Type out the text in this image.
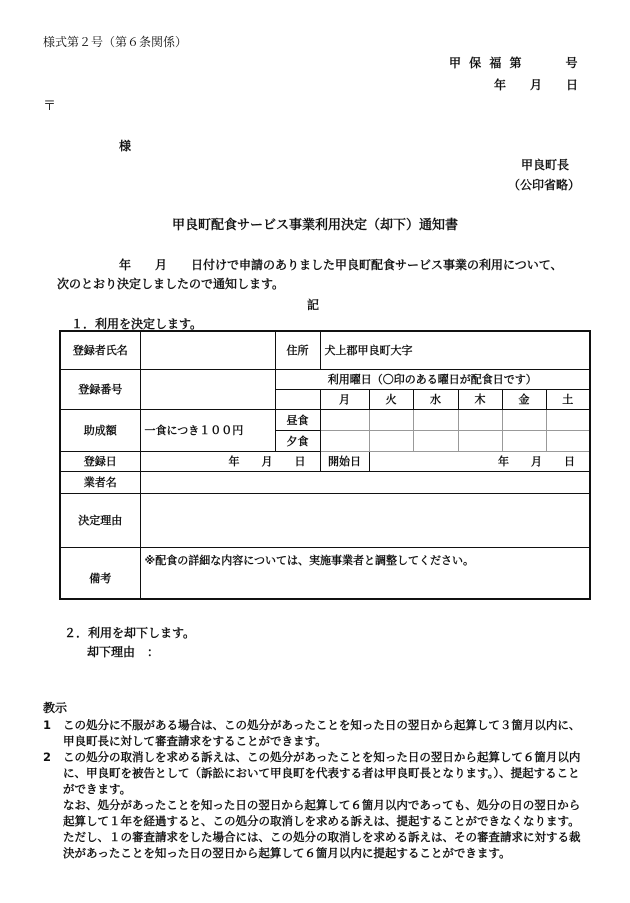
様式第２号（第６条関係）
甲 保 福 第　　　号
年　　月　　日
〒
様
甲良町長
（公印省略）
甲良町配食サービス事業利用決定（却下）通知書
年　　月　　日付けで申請のありました甲良町配食サービス事業の利用について、
次のとおり決定しましたので通知します。
記
１．利用を決定します。
登録者氏名		住所	犬上郡甲良町大字					
登録番号		利用曜日（〇印のある曜日が配食日です）						
			月	火	水	木	金	土
助成額	一食につき１００円	昼食						
		夕食						
登録日	年　　月　　日		開始日	年　　月　　日				
業者名								
決定理由								
備考	※配食の詳細な内容については、実施事業者と調整してください。							
２．利用を却下します。
却下理由　：
教示
1	この処分に不服がある場合は、この処分があったことを知った日の翌日から起算して３箇月以内に、甲良町長に対して審査請求をすることができます。
2	この処分の取消しを求める訴えは、この処分があったことを知った日の翌日から起算して６箇月以内に、甲良町を被告として（訴訟において甲良町を代表する者は甲良町長となります。）、提起することができます。
なお、処分があったことを知った日の翌日から起算して６箇月以内であっても、処分の日の翌日から起算して１年を経過すると、この処分の取消しを求める訴えは、提起することができなくなります。ただし、１の審査請求をした場合には、この処分の取消しを求める訴えは、その審査請求に対する裁決があったことを知った日の翌日から起算して６箇月以内に提起することができます。
